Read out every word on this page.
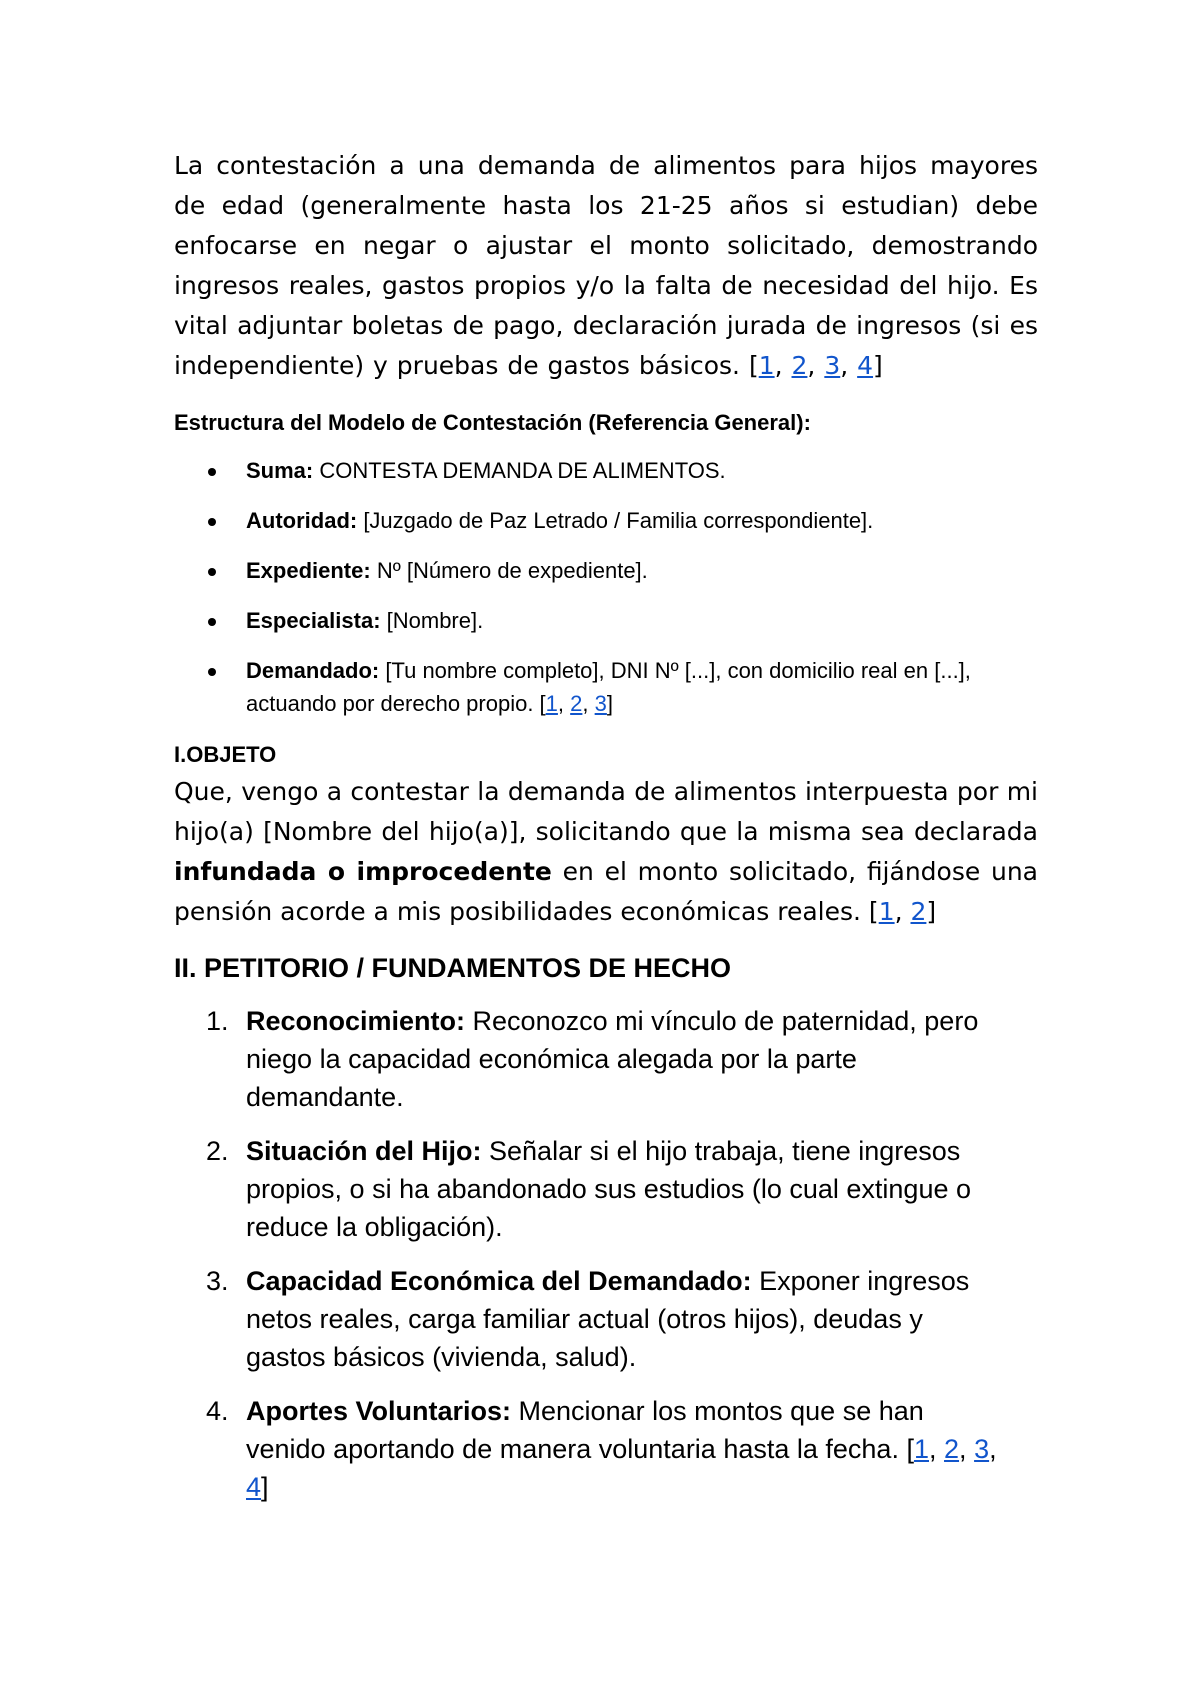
La contestación a una demanda de alimentos para hijos mayores de edad (generalmente hasta los 21-25 años si estudian) debe enfocarse en negar o ajustar el monto solicitado, demostrando ingresos reales, gastos propios y/o la falta de necesidad del hijo. Es vital adjuntar boletas de pago, declaración jurada de ingresos (si es independiente) y pruebas de gastos básicos. [1, 2, 3, 4]

Estructura del Modelo de Contestación (Referencia General):
Suma: CONTESTA DEMANDA DE ALIMENTOS.
Autoridad: [Juzgado de Paz Letrado / Familia correspondiente].
Expediente: Nº [Número de expediente].
Especialista: [Nombre].
Demandado: [Tu nombre completo], DNI Nº [...], con domicilio real en [...], actuando por derecho propio. [1, 2, 3]
I.OBJETO

Que, vengo a contestar la demanda de alimentos interpuesta por mi hijo(a) [Nombre del hijo(a)], solicitando que la misma sea declarada infundada o improcedente en el monto solicitado, fijándose una pensión acorde a mis posibilidades económicas reales. [1, 2]

II. PETITORIO / FUNDAMENTOS DE HECHO
1. Reconocimiento: Reconozco mi vínculo de paternidad, pero niego la capacidad económica alegada por la parte demandante.
2. Situación del Hijo: Señalar si el hijo trabaja, tiene ingresos propios, o si ha abandonado sus estudios (lo cual extingue o reduce la obligación).
3. Capacidad Económica del Demandado: Exponer ingresos netos reales, carga familiar actual (otros hijos), deudas y gastos básicos (vivienda, salud).
4. Aportes Voluntarios: Mencionar los montos que se han venido aportando de manera voluntaria hasta la fecha. [1, 2, 3, 4]
